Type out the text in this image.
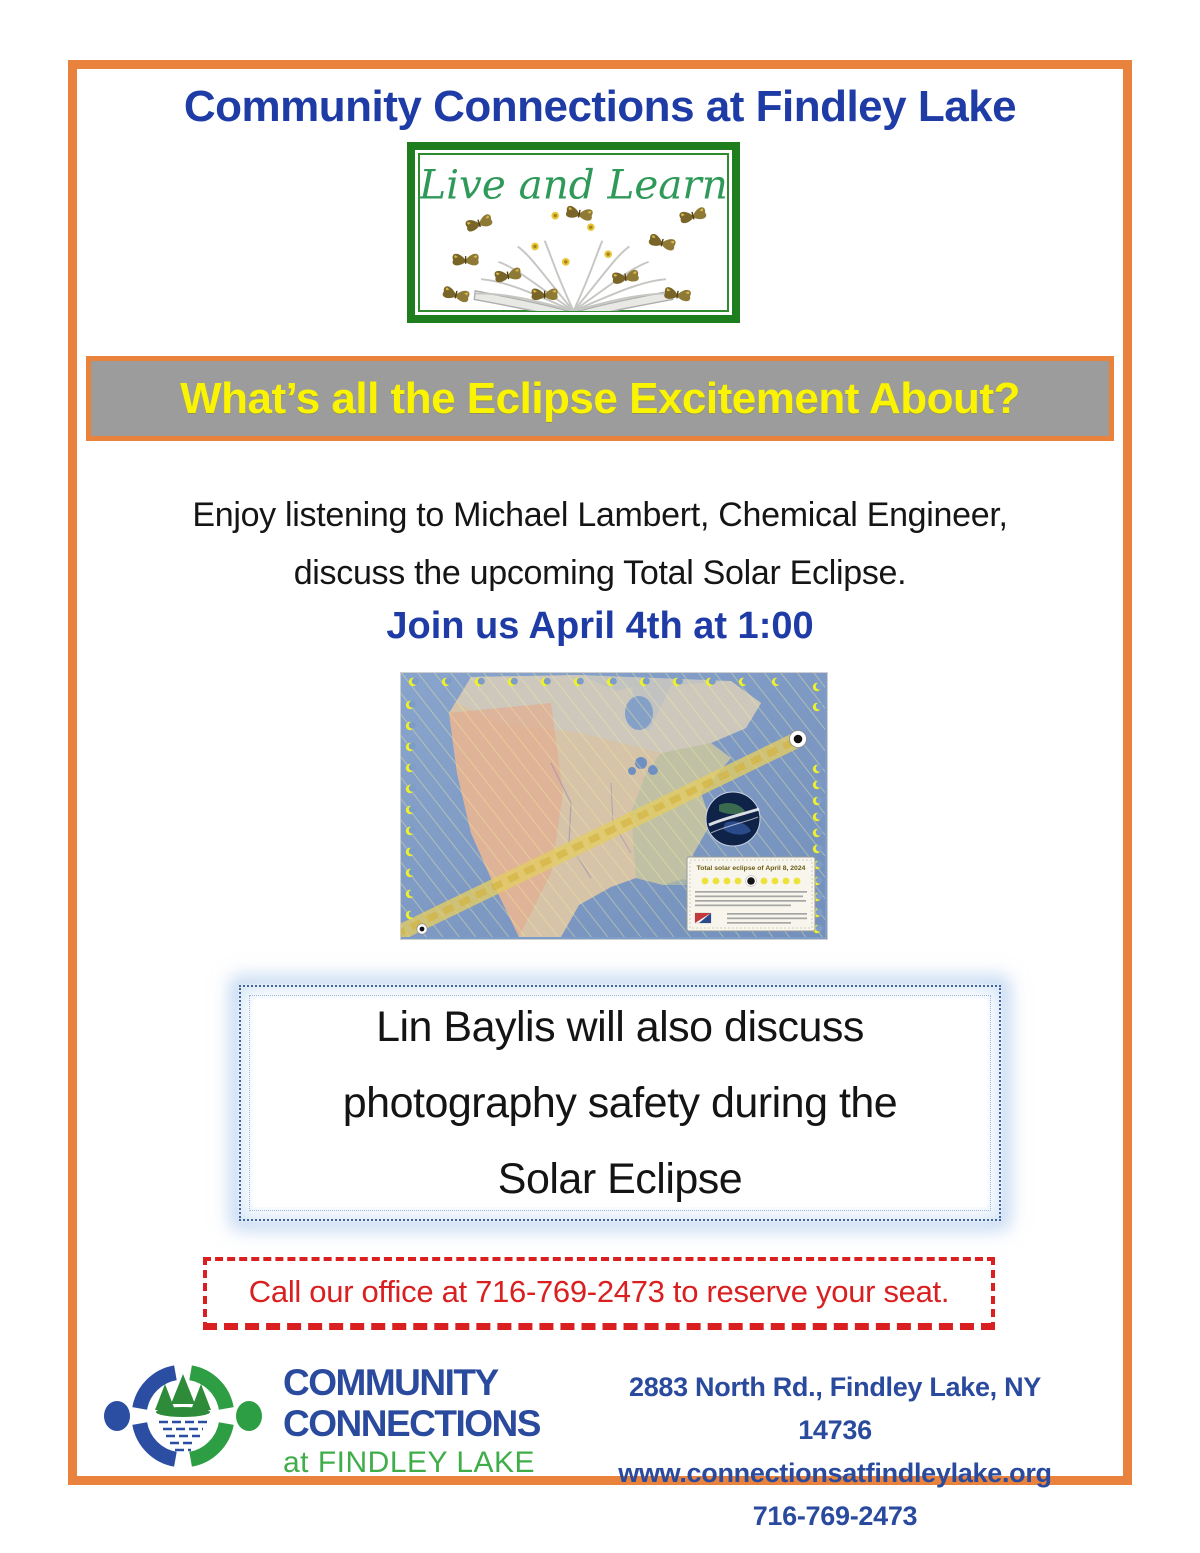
Community Connections at Findley Lake
Live and Learn
What’s all the Eclipse Excitement About?
Enjoy listening to Michael Lambert, Chemical Engineer,
discuss the upcoming Total Solar Eclipse.
Join us April 4th at 1:00
Total solar eclipse of April 8, 2024
Lin Baylis will also discuss
photography safety during the
Solar Eclipse
Call our office at 716-769-2473 to reserve your seat.
COMMUNITY
CONNECTIONS
at FINDLEY LAKE
2883 North Rd., Findley Lake, NY 14736
www.connectionsatfindleylake.org
716-769-2473
